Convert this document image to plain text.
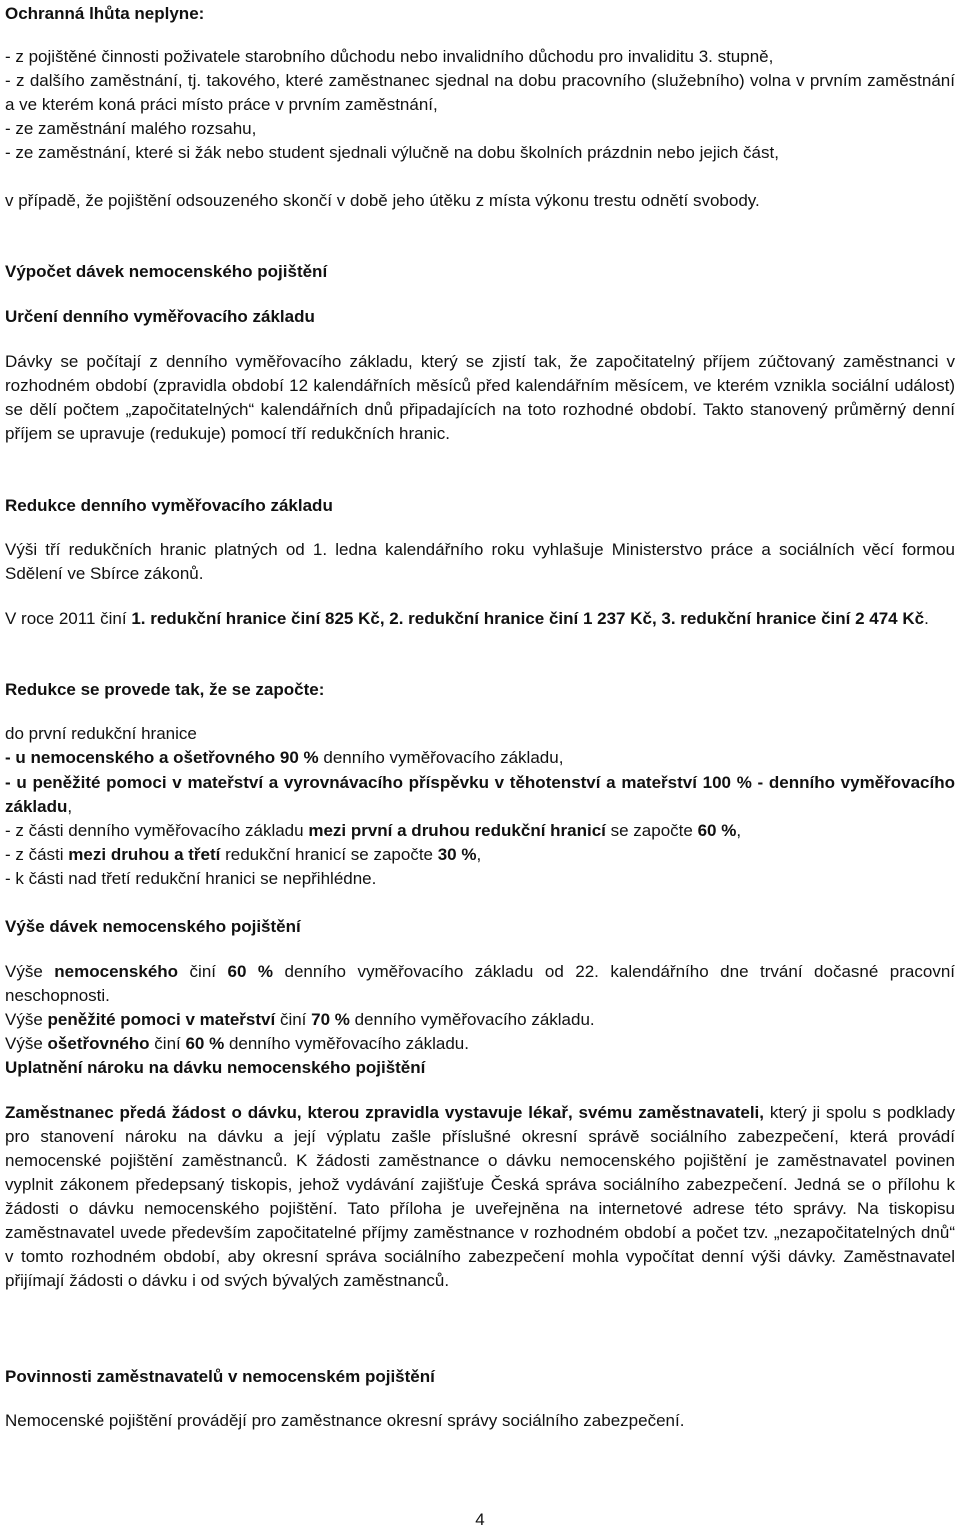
Ochranná lhůta neplyne:

- z pojištěné činnosti poživatele starobního důchodu nebo invalidního důchodu pro invaliditu 3. stupně,

- z dalšího zaměstnání, tj. takového, které zaměstnanec sjednal na dobu pracovního (služebního) volna v prvním zaměstnání a ve kterém koná práci místo práce v prvním zaměstnání,

- ze zaměstnání malého rozsahu,

- ze zaměstnání, které si žák nebo student sjednali výlučně na dobu školních prázdnin nebo jejich část,

v případě, že pojištění odsouzeného skončí v době jeho útěku z místa výkonu trestu odnětí svobody.

Výpočet dávek nemocenského pojištění

Určení denního vyměřovacího základu

Dávky se počítají z denního vyměřovacího základu, který se zjistí tak, že započitatelný příjem zúčtovaný zaměstnanci v rozhodném období (zpravidla období 12 kalendářních měsíců před kalendářním měsícem, ve kterém vznikla sociální událost) se dělí počtem „započitatelných“ kalendářních dnů připadajících na toto rozhodné období. Takto stanovený průměrný denní příjem se upravuje (redukuje) pomocí tří redukčních hranic.

Redukce denního vyměřovacího základu

Výši tří redukčních hranic platných od 1. ledna kalendářního roku vyhlašuje Ministerstvo práce a sociálních věcí formou Sdělení ve Sbírce zákonů.

V roce 2011 činí 1. redukční hranice činí 825 Kč, 2. redukční hranice činí 1 237 Kč, 3. redukční hranice činí 2 474 Kč.

Redukce se provede tak, že se započte:

do první redukční hranice

- u nemocenského a ošetřovného 90 % denního vyměřovacího základu,

- u peněžité pomoci v mateřství a vyrovnávacího příspěvku v těhotenství a mateřství 100 % - denního vyměřovacího základu,

- z části denního vyměřovacího základu mezi první a druhou redukční hranicí se započte 60 %,

- z části mezi druhou a třetí redukční hranicí se započte 30 %,

- k části nad třetí redukční hranici se nepřihlédne.

Výše dávek nemocenského pojištění

Výše nemocenského činí 60 % denního vyměřovacího základu od 22. kalendářního dne trvání dočasné pracovní neschopnosti.

Výše peněžité pomoci v mateřství činí 70 % denního vyměřovacího základu.

Výše ošetřovného činí 60 % denního vyměřovacího základu.

Uplatnění nároku na dávku nemocenského pojištění

Zaměstnanec předá žádost o dávku, kterou zpravidla vystavuje lékař, svému zaměstnavateli, který ji spolu s podklady pro stanovení nároku na dávku a její výplatu zašle příslušné okresní správě sociálního zabezpečení, která provádí nemocenské pojištění zaměstnanců. K žádosti zaměstnance o dávku nemocenského pojištění je zaměstnavatel povinen vyplnit zákonem předepsaný tiskopis, jehož vydávání zajišťuje Česká správa sociálního zabezpečení. Jedná se o přílohu k žádosti o dávku nemocenského pojištění. Tato příloha je uveřejněna na internetové adrese této správy. Na tiskopisu zaměstnavatel uvede především započitatelné příjmy zaměstnance v rozhodném období a počet tzv. „nezapočitatelných dnů“ v tomto rozhodném období, aby okresní správa sociálního zabezpečení mohla vypočítat denní výši dávky. Zaměstnavatel přijímají žádosti o dávku i od svých bývalých zaměstnanců.

Povinnosti zaměstnavatelů v nemocenském pojištění

Nemocenské pojištění provádějí pro zaměstnance okresní správy sociálního zabezpečení.

4
